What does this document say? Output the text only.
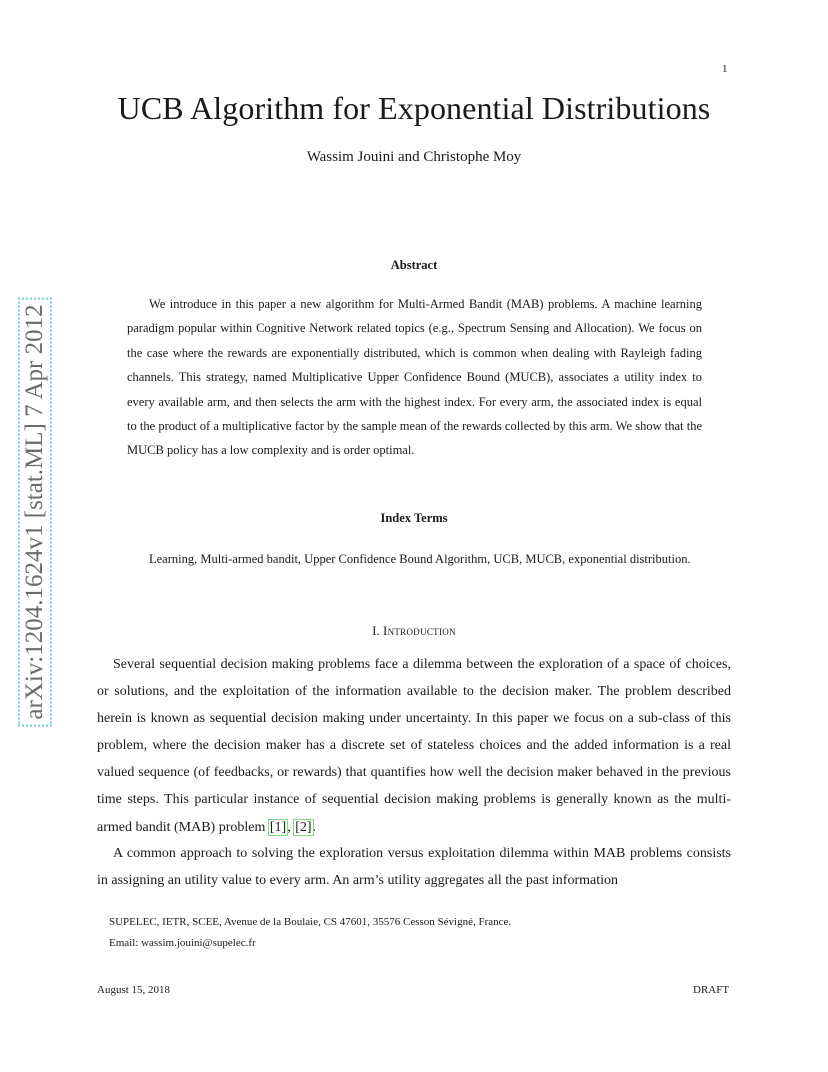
1
UCB Algorithm for Exponential Distributions
Wassim Jouini and Christophe Moy
arXiv:1204.1624v1 [stat.ML] 7 Apr 2012
Abstract

We introduce in this paper a new algorithm for Multi-Armed Bandit (MAB) problems. A machine learning paradigm popular within Cognitive Network related topics (e.g., Spectrum Sensing and Allocation). We focus on the case where the rewards are exponentially distributed, which is common when dealing with Rayleigh fading channels. This strategy, named Multiplicative Upper Confidence Bound (MUCB), associates a utility index to every available arm, and then selects the arm with the highest index. For every arm, the associated index is equal to the product of a multiplicative factor by the sample mean of the rewards collected by this arm. We show that the MUCB policy has a low complexity and is order optimal.

Index Terms

Learning, Multi-armed bandit, Upper Confidence Bound Algorithm, UCB, MUCB, exponential distribution.

I. Introduction

Several sequential decision making problems face a dilemma between the exploration of a space of choices, or solutions, and the exploitation of the information available to the decision maker. The problem described herein is known as sequential decision making under uncertainty. In this paper we focus on a sub-class of this problem, where the decision maker has a discrete set of stateless choices and the added information is a real valued sequence (of feedbacks, or rewards) that quantifies how well the decision maker behaved in the previous time steps. This particular instance of sequential decision making problems is generally known as the multi-armed bandit (MAB) problem [1], [2].

A common approach to solving the exploration versus exploitation dilemma within MAB problems consists in assigning an utility value to every arm. An arm’s utility aggregates all the past information

SUPELEC, IETR, SCEE, Avenue de la Boulaie, CS 47601, 35576 Cesson Sévigné, France.
Email: wassim.jouini@supelec.fr
August 15, 2018	DRAFT
